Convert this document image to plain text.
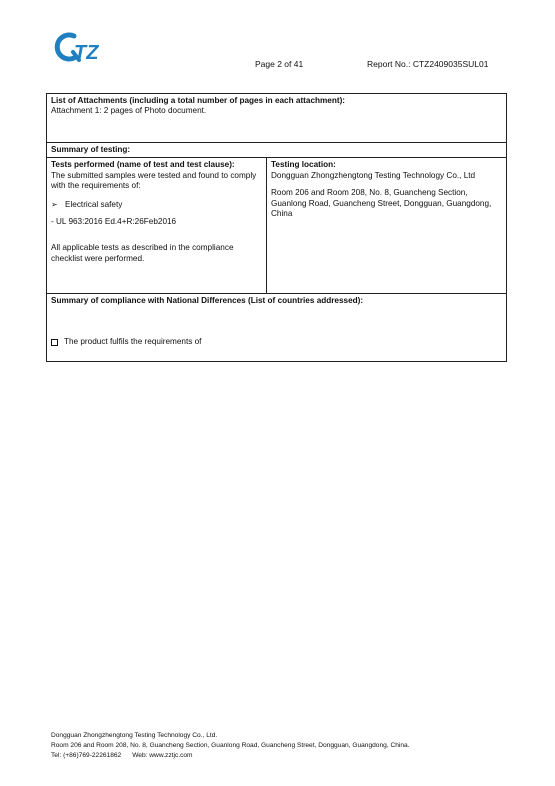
TZ	Page 2 of 41	Report No.: CTZ2409035SUL01
List of Attachments (including a total number of pages in each attachment):
Attachment 1: 2 pages of Photo document.

Summary of testing:

Tests performed (name of test and test clause):
The submitted samples were tested and found to comply with the requirements of:
➢ Electrical safety
- UL 963:2016 Ed.4+R:26Feb2016
All applicable tests as described in the compliance checklist were performed.

Testing location:
Dongguan Zhongzhengtong Testing Technology Co., Ltd
Room 206 and Room 208, No. 8, Guancheng Section, Guanlong Road, Guancheng Street, Dongguan, Guangdong, China

Summary of compliance with National Differences (List of countries addressed):
The product fulfils the requirements of
Dongguan Zhongzhengtong Testing Technology Co., Ltd.
Room 206 and Room 208, No. 8, Guancheng Section, Guanlong Road, Guancheng Street, Dongguan, Guangdong, China.
Tel: (+86)769-22261862      Web: www.zztjc.com
